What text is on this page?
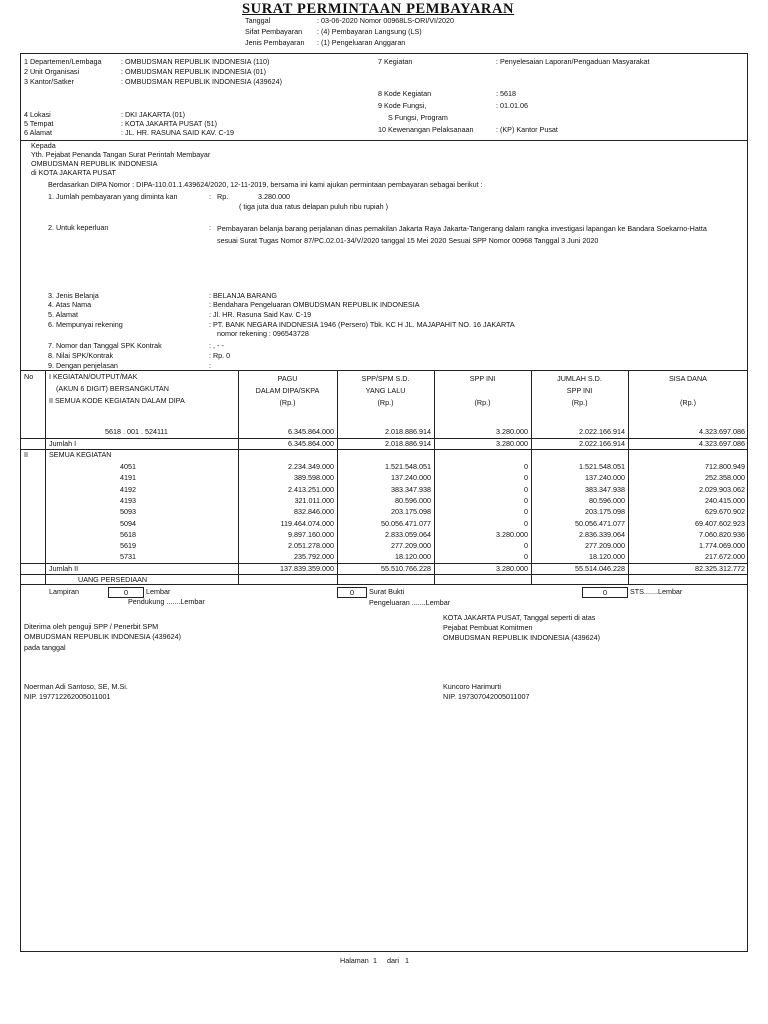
SURAT PERMINTAAN PEMBAYARAN
Tanggal	: 03-06-2020 Nomor 00968LS-ORI/VI/2020
Sifat Pembayaran : (4) Pembayaran Langsung (LS)
Jenis Pembayaran : (1) Pengeluaran Anggaran
1 Departemen/Lembaga	: OMBUDSMAN REPUBLIK INDONESIA (110)
2 Unit Organisasi	: OMBUDSMAN REPUBLIK INDONESIA (01)
3 Kantor/Satker	: OMBUDSMAN REPUBLIK INDONESIA (439624)
4 Lokasi	: DKI JAKARTA (01)
5 Tempat	: KOTA JAKARTA PUSAT (51)
6 Alamat	: JL. HR. RASUNA SAID KAV. C-19
7 Kegiatan	: Penyelesaian Laporan/Pengaduan Masyarakat
8 Kode Kegiatan	: 5618
9 Kode Fungsi,	: 01.01.06
S Fungsi, Program
10 Kewenangan Pelaksanaan	: (KP) Kantor Pusat
Kepada
Yth. Pejabat Penanda Tangan Surat Perintah Membayar
OMBUDSMAN REPUBLIK INDONESIA
di KOTA JAKARTA PUSAT
Berdasarkan DIPA Nomor : DIPA-110.01.1.439624/2020, 12-11-2019, bersama ini kami ajukan permintaan pembayaran sebagai berikut :
1. Jumlah pembayaran yang diminta kan	: Rp.	3.280.000
( tiga juta dua ratus delapan puluh ribu rupiah )
2. Untuk keperluan	: Pembayaran belanja barang perjalanan dinas pemakilan Jakarta Raya Jakarta-Tangerang dalam rangka investigasi lapangan ke Bandara Soekarno-Hatta sesuai Surat Tugas Nomor 87/PC.02.01-34/V/2020 tanggal 15 Mei 2020 Sesuai SPP Nomor 00968 Tanggal 3 Juni 2020
3. Jenis Belanja	: BELANJA BARANG
4. Atas Nama	: Bendahara Pengeluaran OMBUDSMAN REPUBLIK INDONESIA
5. Alamat	: Jl. HR. Rasuna Said Kav. C-19
6. Mempunyai rekening	: PT. BANK NEGARA INDONESIA 1946 (Persero) Tbk. KC H JL. MAJAPAHIT NO. 16 JAKARTA
nomor rekening : 096543728
7. Nomor dan Tanggal SPK Kontrak	: , - -
8. Nilai SPK/Kontrak	: Rp. 0
9. Dengan penjelasan	:
No I KEGIATAN/OUTPUT/MAK
(AKUN 6 DIGIT) BERSANGKUTAN
II SEMUA KODE KEGIATAN DALAM DIPA
PAGU
DALAM DIPA/SKPA
(Rp.)
SPP/SPM S.D.
YANG LALU
(Rp.)
SPP INI
(Rp.)
JUMLAH S.D.
SPP INI
(Rp.)
SISA DANA
(Rp.)
5618 . 001 . 524111	6.345.864.000	2.018.886.914	3.280.000	2.022.166.914	4.323.697.086
Jumlah I	6.345.864.000	2.018.886.914	3.280.000	2.022.166.914	4.323.697.086
II	SEMUA KEGIATAN
4051	2.234.349.000	1.521.548.051	0	1.521.548.051	712.800.949
4191	389.598.000	137.240.000	0	137.240.000	252.358.000
4192	2.413.251.000	383.347.938	0	383.347.938	2.029.903.062
4193	321.011.000	80.596.000	0	80.596.000	240.415.000
5093	832.846.000	203.175.098	0	203.175.098	629.670.902
5094	119.464.074.000	50.056.471.077	0	50.056.471.077	69.407.602.923
5618	9.897.160.000	2.833.059.064	3.280.000	2.836.339.064	7.060.820.936
5619	2.051.278.000	277.209.000	0	277.209.000	1.774.069.000
5731	235.792.000	18.120.000	0	18.120.000	217.672.000
Jumlah II	137.839.359.000	55.510.766.228	3.280.000	55.514.046.228	82.325.312.772
UANG PERSEDIAAN
Lampiran	0	Lembar
Pendukung .......Lembar
0	Surat Bukti
Pengeluaran .......Lembar
0	STS.......Lembar
Diterima oleh penguji SPP / Penerbit SPM
OMBUDSMAN REPUBLIK INDONESIA (439624)
pada tanggal
Noerman Adi Santoso, SE, M.Si.
NIP. 197712262005011001
KOTA JAKARTA PUSAT, Tanggal seperti di atas
Pejabat Pembuat Komitmen
OMBUDSMAN REPUBLIK INDONESIA (439624)
Kuncoro Harimurti
NIP. 197307042005011007
Halaman 1 dari 1
